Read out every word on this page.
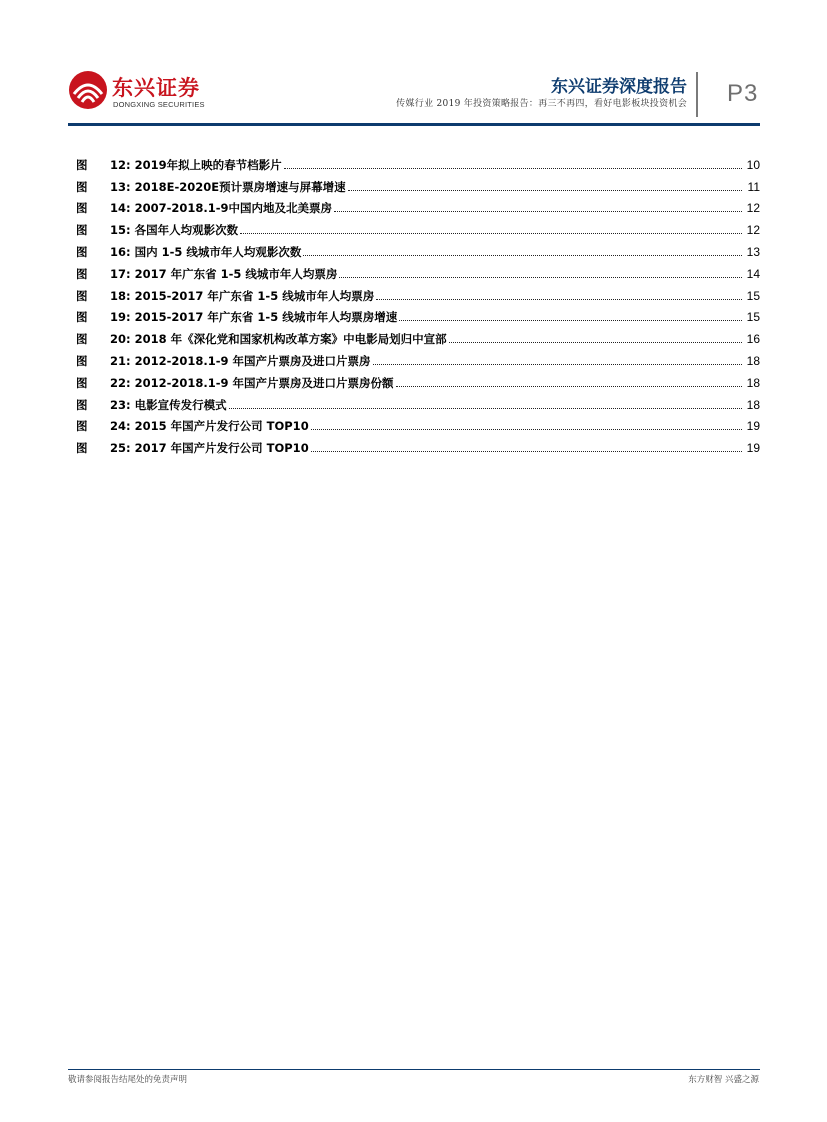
东兴证券
DONGXING SECURITIES
东兴证券深度报告
传媒行业 2019 年投资策略报告：再三不再四，看好电影板块投资机会 P3
图 12: 2019年拟上映的春节档影片	10
图 13: 2018E-2020E预计票房增速与屏幕增速	11
图 14: 2007-2018.1-9中国内地及北美票房	12
图 15: 各国年人均观影次数	12
图 16: 国内 1-5 线城市年人均观影次数	13
图 17: 2017 年广东省 1-5 线城市年人均票房	14
图 18: 2015-2017 年广东省 1-5 线城市年人均票房	15
图 19: 2015-2017 年广东省 1-5 线城市年人均票房增速	15
图 20: 2018 年《深化党和国家机构改革方案》中电影局划归中宣部	16
图 21: 2012-2018.1-9 年国产片票房及进口片票房	18
图 22: 2012-2018.1-9 年国产片票房及进口片票房份额	18
图 23: 电影宣传发行模式	18
图 24: 2015 年国产片发行公司 TOP10	19
图 25: 2017 年国产片发行公司 TOP10	19
敬请参阅报告结尾处的免责声明	东方财智 兴盛之源
